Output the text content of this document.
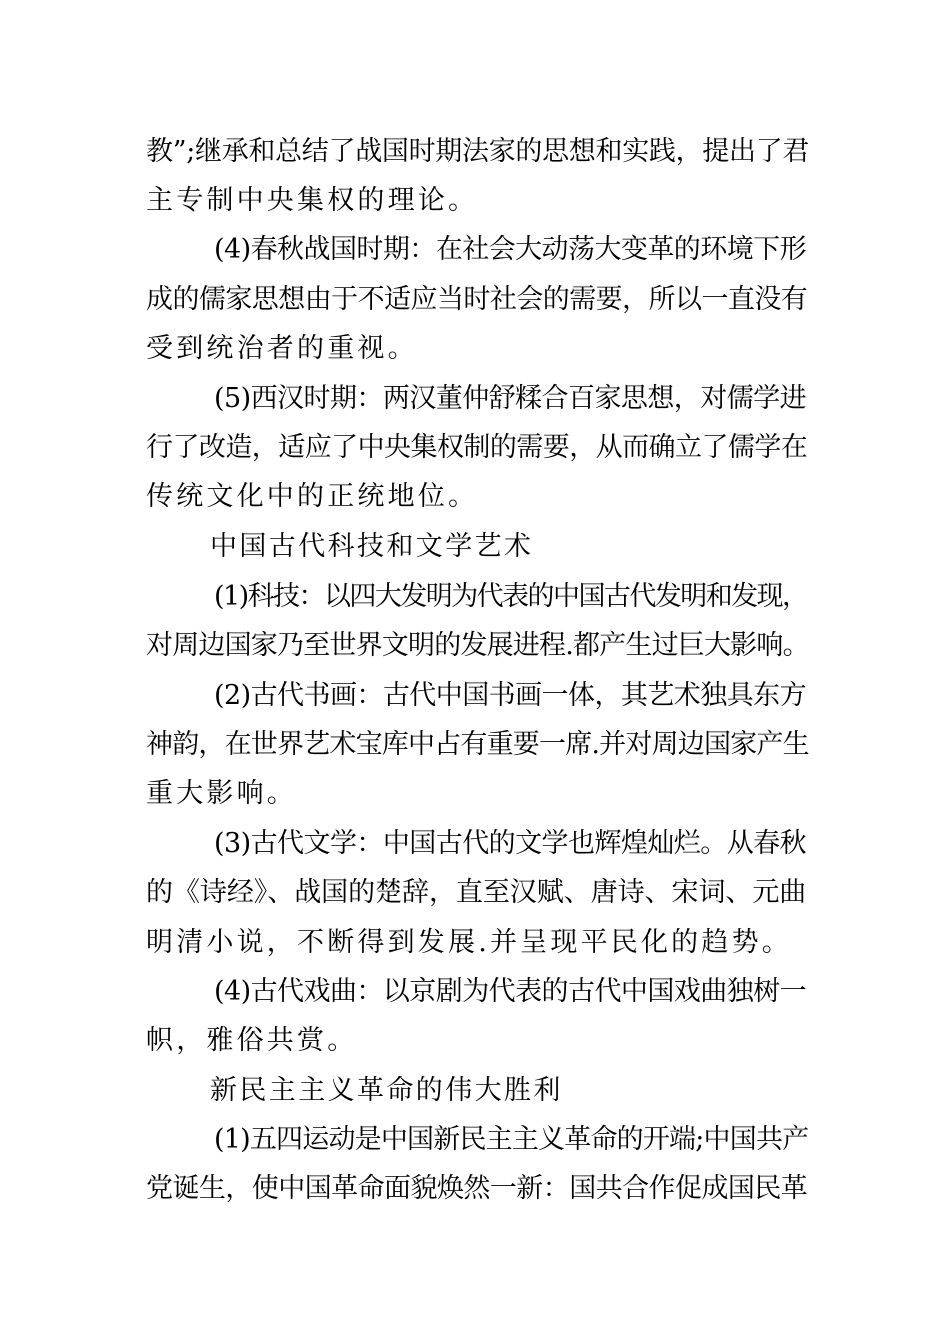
教”;继承和总结了战国时期法家的思想和实践，提出了君
主专制中央集权的理论。
(4)春秋战国时期：在社会大动荡大变革的环境下形
成的儒家思想由于不适应当时社会的需要，所以一直没有
受到统治者的重视。
(5)西汉时期：两汉董仲舒糅合百家思想，对儒学进
行了改造，适应了中央集权制的需要，从而确立了儒学在
传统文化中的正统地位。
中国古代科技和文学艺术
(1)科技：以四大发明为代表的中国古代发明和发现，
对周边国家乃至世界文明的发展进程.都产生过巨大影响。
(2)古代书画：古代中国书画一体，其艺术独具东方
神韵，在世界艺术宝库中占有重要一席.并对周边国家产生
重大影响。
(3)古代文学：中国古代的文学也辉煌灿烂。从春秋
的《诗经》、战国的楚辞，直至汉赋、唐诗、宋词、元曲
明清小说，不断得到发展.并呈现平民化的趋势。
(4)古代戏曲：以京剧为代表的古代中国戏曲独树一
帜，雅俗共赏。
新民主主义革命的伟大胜利
(1)五四运动是中国新民主主义革命的开端;中国共产
党诞生，使中国革命面貌焕然一新：国共合作促成国民革
